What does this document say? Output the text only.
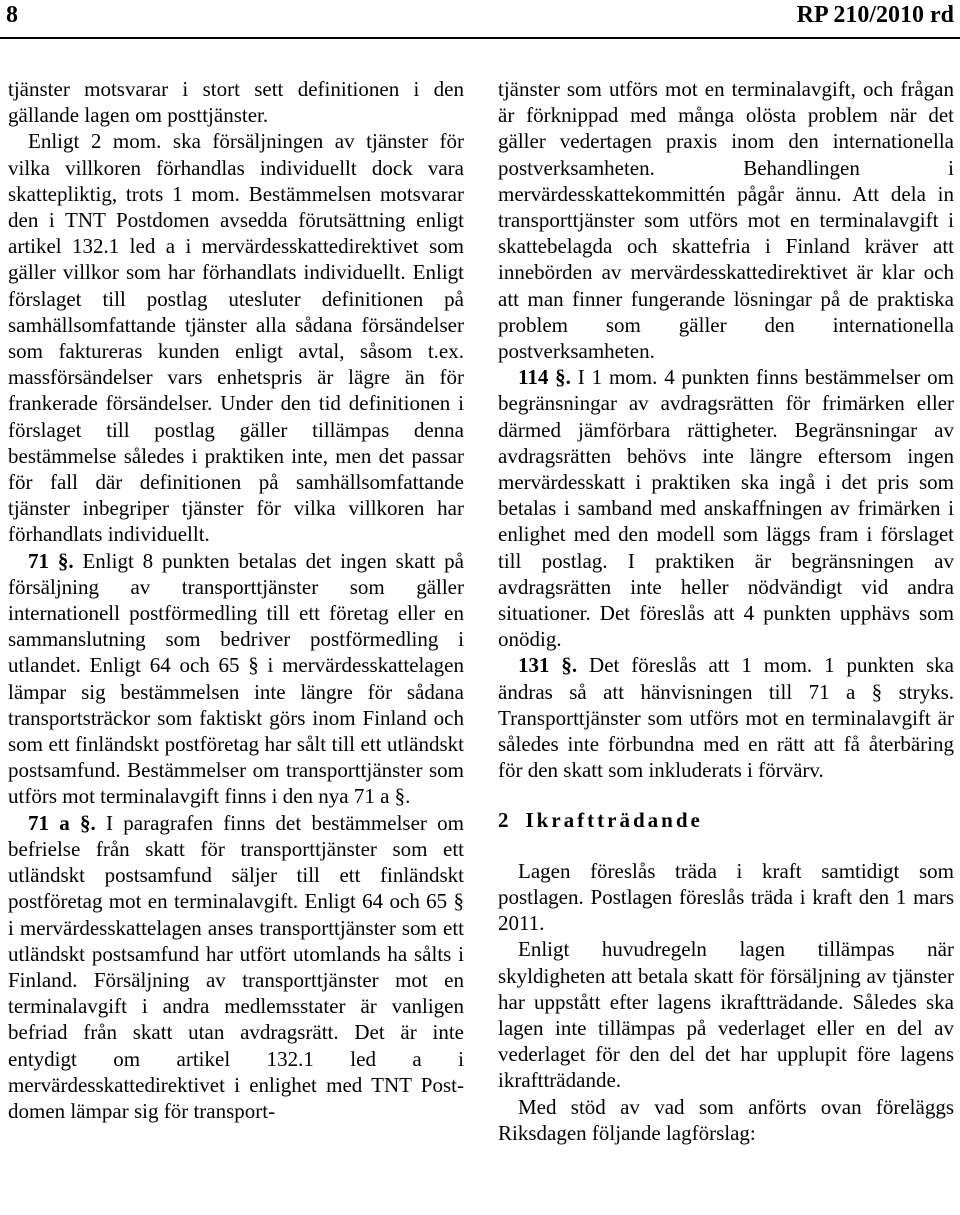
8	RP 210/2010 rd

tjänster motsvarar i stort sett definitionen i den gällande lagen om posttjänster.

Enligt 2 mom. ska försäljningen av tjänster för vilka villkoren förhandlas individuellt dock vara skattepliktig, trots 1 mom. Bestämmelsen motsvarar den i TNT Postdomen avsedda förutsättning enligt artikel 132.1 led a i mervärdesskattedirektivet som gäller villkor som har förhandlats individuellt. Enligt förslaget till postlag utesluter definitionen på samhällsomfattande tjänster alla sådana försändelser som faktureras kunden enligt avtal, såsom t.ex. massförsändelser vars enhetspris är lägre än för frankerade försändelser. Under den tid definitionen i förslaget till postlag gäller tillämpas denna bestämmelse således i praktiken inte, men det passar för fall där definitionen på samhällsomfattande tjänster inbegriper tjänster för vilka villkoren har förhandlats individuellt.

71 §. Enligt 8 punkten betalas det ingen skatt på försäljning av transporttjänster som gäller internationell postförmedling till ett företag eller en sammanslutning som bedriver postförmedling i utlandet. Enligt 64 och 65 § i mervärdesskattelagen lämpar sig bestämmelsen inte längre för sådana transportsträckor som faktiskt görs inom Finland och som ett finländskt postföretag har sålt till ett utländskt postsamfund. Bestämmelser om transporttjänster som utförs mot terminalavgift finns i den nya 71 a §.

71 a §. I paragrafen finns det bestämmelser om befrielse från skatt för transporttjänster som ett utländskt postsamfund säljer till ett finländskt postföretag mot en terminalavgift. Enligt 64 och 65 § i mervärdesskattelagen anses transporttjänster som ett utländskt postsamfund har utfört utomlands ha sålts i Finland. Försäljning av transporttjänster mot en terminalavgift i andra medlemsstater är vanligen befriad från skatt utan avdragsrätt. Det är inte entydigt om artikel 132.1 led a i mervärdesskattedirektivet i enlighet med TNT Post-domen lämpar sig för transport-

tjänster som utförs mot en terminalavgift, och frågan är förknippad med många olösta problem när det gäller vedertagen praxis inom den internationella postverksamheten. Behandlingen i mervärdesskattekommittén pågår ännu. Att dela in transporttjänster som utförs mot en terminalavgift i skattebelagda och skattefria i Finland kräver att innebörden av mervärdesskattedirektivet är klar och att man finner fungerande lösningar på de praktiska problem som gäller den internationella postverksamheten.

114 §. I 1 mom. 4 punkten finns bestämmelser om begränsningar av avdragsrätten för frimärken eller därmed jämförbara rättigheter. Begränsningar av avdragsrätten behövs inte längre eftersom ingen mervärdesskatt i praktiken ska ingå i det pris som betalas i samband med anskaffningen av frimärken i enlighet med den modell som läggs fram i förslaget till postlag. I praktiken är begränsningen av avdragsrätten inte heller nödvändigt vid andra situationer. Det föreslås att 4 punkten upphävs som onödig.

131 §. Det föreslås att 1 mom. 1 punkten ska ändras så att hänvisningen till 71 a § stryks. Transporttjänster som utförs mot en terminalavgift är således inte förbundna med en rätt att få återbäring för den skatt som inkluderats i förvärv.

2 Ikraftträdande

Lagen föreslås träda i kraft samtidigt som postlagen. Postlagen föreslås träda i kraft den 1 mars 2011.

Enligt huvudregeln lagen tillämpas när skyldigheten att betala skatt för försäljning av tjänster har uppstått efter lagens ikraftträdande. Således ska lagen inte tillämpas på vederlaget eller en del av vederlaget för den del det har upplupit före lagens ikraftträdande.

Med stöd av vad som anförts ovan föreläggs Riksdagen följande lagförslag:
